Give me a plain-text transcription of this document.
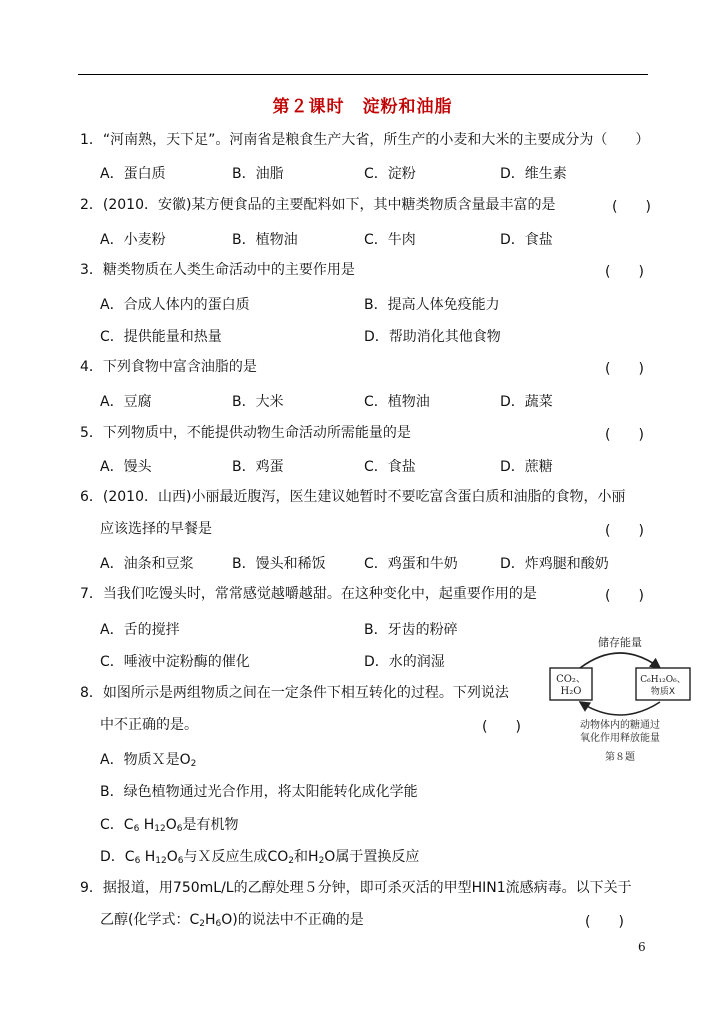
第２课时　淀粉和油脂
1．“河南熟，天下足”。河南省是粮食生产大省，所生产的小麦和大米的主要成分为（　　）
A．蛋白质	B．油脂	C．淀粉	D．维生素
2．(2010．安徽)某方便食品的主要配料如下，其中糖类物质含量最丰富的是	(　　)
A．小麦粉	B．植物油	C．牛肉	D．食盐
3．糖类物质在人类生命活动中的主要作用是	(　　)
A．合成人体内的蛋白质	B．提高人体免疫能力
C．提供能量和热量	D．帮助消化其他食物
4．下列食物中富含油脂的是	(　　)
A．豆腐	B．大米	C．植物油	D．蔬菜
5．下列物质中，不能提供动物生命活动所需能量的是	(　　)
A．馒头	B．鸡蛋	C．食盐	D．蔗糖
6．(2010．山西)小丽最近腹泻，医生建议她暂时不要吃富含蛋白质和油脂的食物，小丽
应该选择的早餐是	(　　)
A．油条和豆浆	B．馒头和稀饭	C．鸡蛋和牛奶	D．炸鸡腿和酸奶
7．当我们吃馒头时，常常感觉越嚼越甜。在这种变化中，起重要作用的是	(　　)
A．舌的搅拌	B．牙齿的粉碎
C．唾液中淀粉酶的催化	D．水的润湿
8．如图所示是两组物质之间在一定条件下相互转化的过程。下列说法
中不正确的是。	(　　)
A．物质Ｘ是$O_2$
B．绿色植物通过光合作用，将太阳能转化成化学能
C．$C_6$ $H_{12}O_6$是有机物
D．$C_6$ $H_{12}O_6$与Ｘ反应生成$CO_2$和$H_2O$属于置换反应
9．据报道，用750mL/L的乙醇处理５分钟，即可杀灭活的甲型HIN1流感病毒。以下关于
乙醇(化学式：$C_2H_6O$)的说法中不正确的是	(　　)
储存能量
CO₂、
H₂O
C₆H₁₂O₆、
物质X
动物体内的糖通过
氧化作用释放能量
第８题
6
